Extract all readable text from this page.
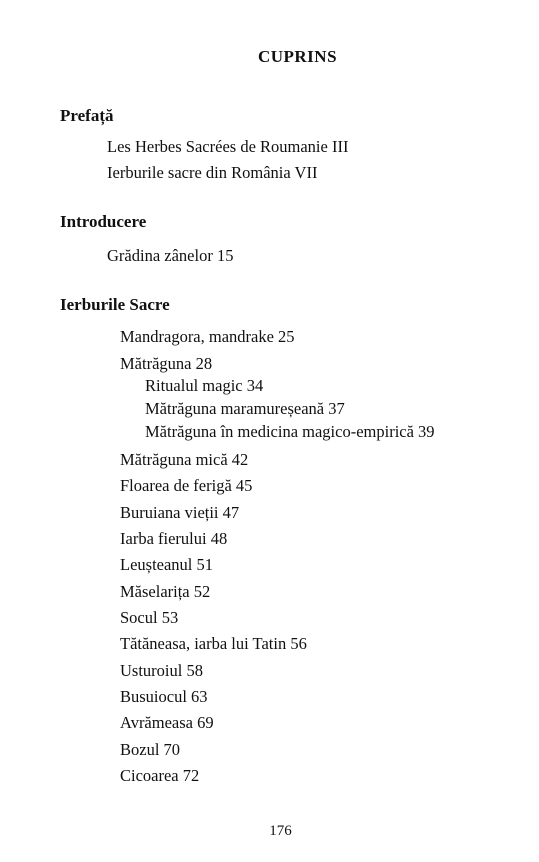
CUPRINS
Prefață
Les Herbes Sacrées de Roumanie III
Ierburile sacre din România VII
Introducere
Grădina zânelor 15
Ierburile Sacre
Mandragora, mandrake 25
Mătrăguna 28
Ritualul magic 34
Mătrăguna maramureșeană 37
Mătrăguna în medicina magico-empirică 39
Mătrăguna mică 42
Floarea de ferigă 45
Buruiana vieții 47
Iarba fierului 48
Leușteanul 51
Măselarița 52
Socul 53
Tătăneasa, iarba lui Tatin 56
Usturoiul 58
Busuiocul 63
Avrămeasa 69
Bozul 70
Cicoarea 72
176
